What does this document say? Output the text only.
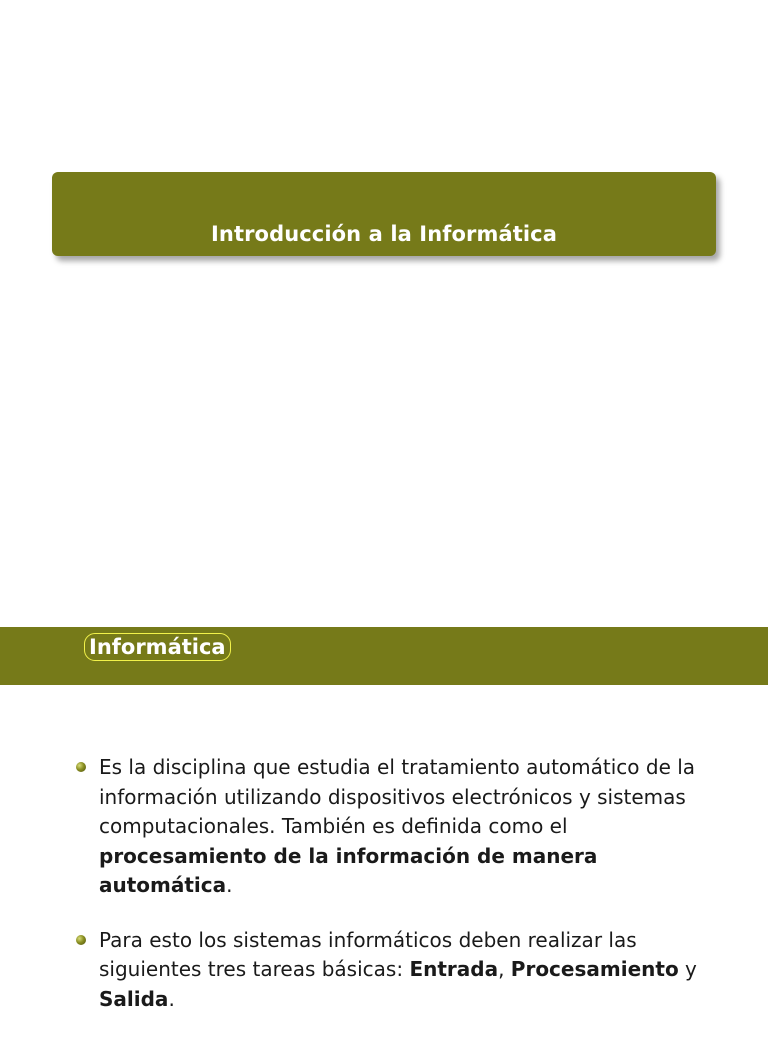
Introducción a la Informática
Informática
Es la disciplina que estudia el tratamiento automático de la información utilizando dispositivos electrónicos y sistemas computacionales. También es definida como el procesamiento de la información de manera automática.
Para esto los sistemas informáticos deben realizar las siguientes tres tareas básicas: Entrada, Procesamiento y Salida.
